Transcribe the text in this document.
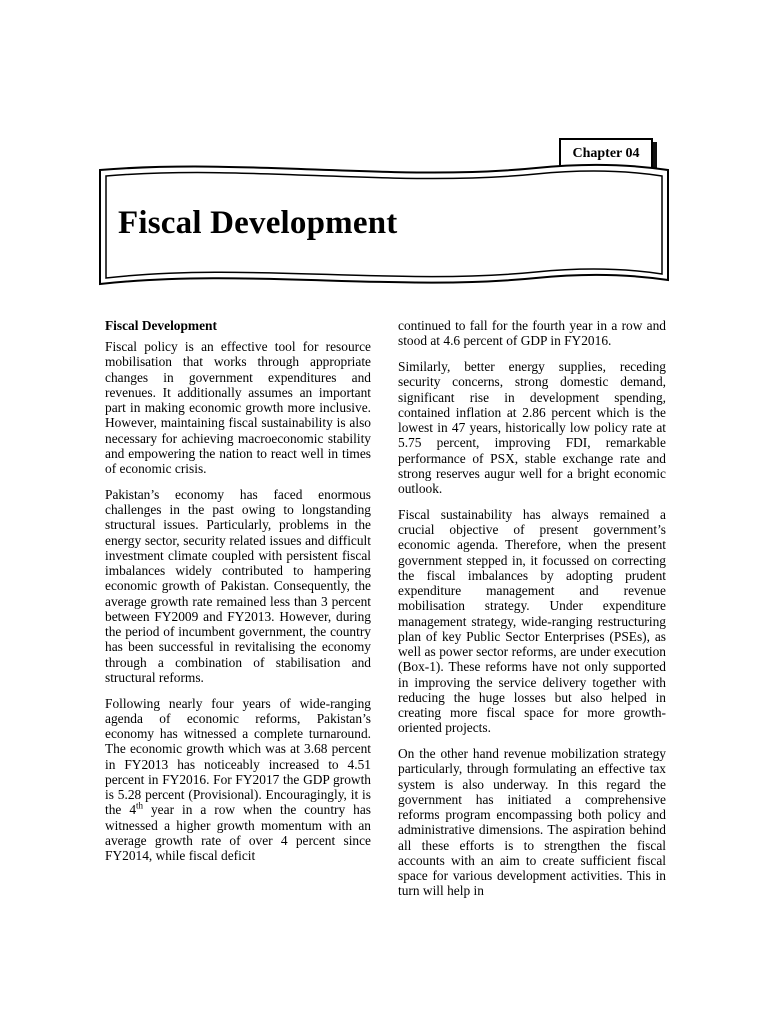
Chapter 04
Fiscal Development
Fiscal Development

Fiscal policy is an effective tool for resource mobilisation that works through appropriate changes in government expenditures and revenues. It additionally assumes an important part in making economic growth more inclusive. However, maintaining fiscal sustainability is also necessary for achieving macroeconomic stability and empowering the nation to react well in times of economic crisis.

Pakistan’s economy has faced enormous challenges in the past owing to longstanding structural issues. Particularly, problems in the energy sector, security related issues and difficult investment climate coupled with persistent fiscal imbalances widely contributed to hampering economic growth of Pakistan. Consequently, the average growth rate remained less than 3 percent between FY2009 and FY2013. However, during the period of incumbent government, the country has been successful in revitalising the economy through a combination of stabilisation and structural reforms.

Following nearly four years of wide-ranging agenda of economic reforms, Pakistan’s economy has witnessed a complete turnaround. The economic growth which was at 3.68 percent in FY2013 has noticeably increased to 4.51 percent in FY2016. For FY2017 the GDP growth is 5.28 percent (Provisional). Encouragingly, it is the 4th year in a row when the country has witnessed a higher growth momentum with an average growth rate of over 4 percent since FY2014, while fiscal deficit

continued to fall for the fourth year in a row and stood at 4.6 percent of GDP in FY2016.

Similarly, better energy supplies, receding security concerns, strong domestic demand, significant rise in development spending, contained inflation at 2.86 percent which is the lowest in 47 years, historically low policy rate at 5.75 percent, improving FDI, remarkable performance of PSX, stable exchange rate and strong reserves augur well for a bright economic outlook.

Fiscal sustainability has always remained a crucial objective of present government’s economic agenda. Therefore, when the present government stepped in, it focussed on correcting the fiscal imbalances by adopting prudent expenditure management and revenue mobilisation strategy. Under expenditure management strategy, wide-ranging restructuring plan of key Public Sector Enterprises (PSEs), as well as power sector reforms, are under execution (Box-1). These reforms have not only supported in improving the service delivery together with reducing the huge losses but also helped in creating more fiscal space for more growth-oriented projects.

On the other hand revenue mobilization strategy particularly, through formulating an effective tax system is also underway. In this regard the government has initiated a comprehensive reforms program encompassing both policy and administrative dimensions. The aspiration behind all these efforts is to strengthen the fiscal accounts with an aim to create sufficient fiscal space for various development activities. This in turn will help in
